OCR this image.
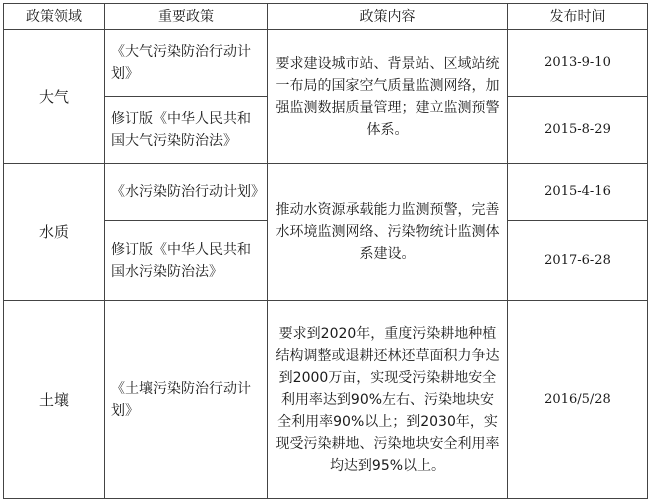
政策领域	重要政策	政策内容	发布时间
大气	《大气污染防治行动计划》	要求建设城市站、背景站、区域站统一布局的国家空气质量监测网络，加强监测数据质量管理；建立监测预警体系。	2013-9-10
	修订版《中华人民共和国大气污染防治法》		2015-8-29
水质	《水污染防治行动计划》	推动水资源承载能力监测预警，完善水环境监测网络、污染物统计监测体系建设。	2015-4-16
	修订版《中华人民共和国水污染防治法》		2017-6-28
土壤	《土壤污染防治行动计划》	要求到2020年，重度污染耕地种植结构调整或退耕还林还草面积力争达到2000万亩，实现受污染耕地安全利用率达到90%左右、污染地块安全利用率90%以上；到2030年，实现受污染耕地、污染地块安全利用率均达到95%以上。	2016/5/28
